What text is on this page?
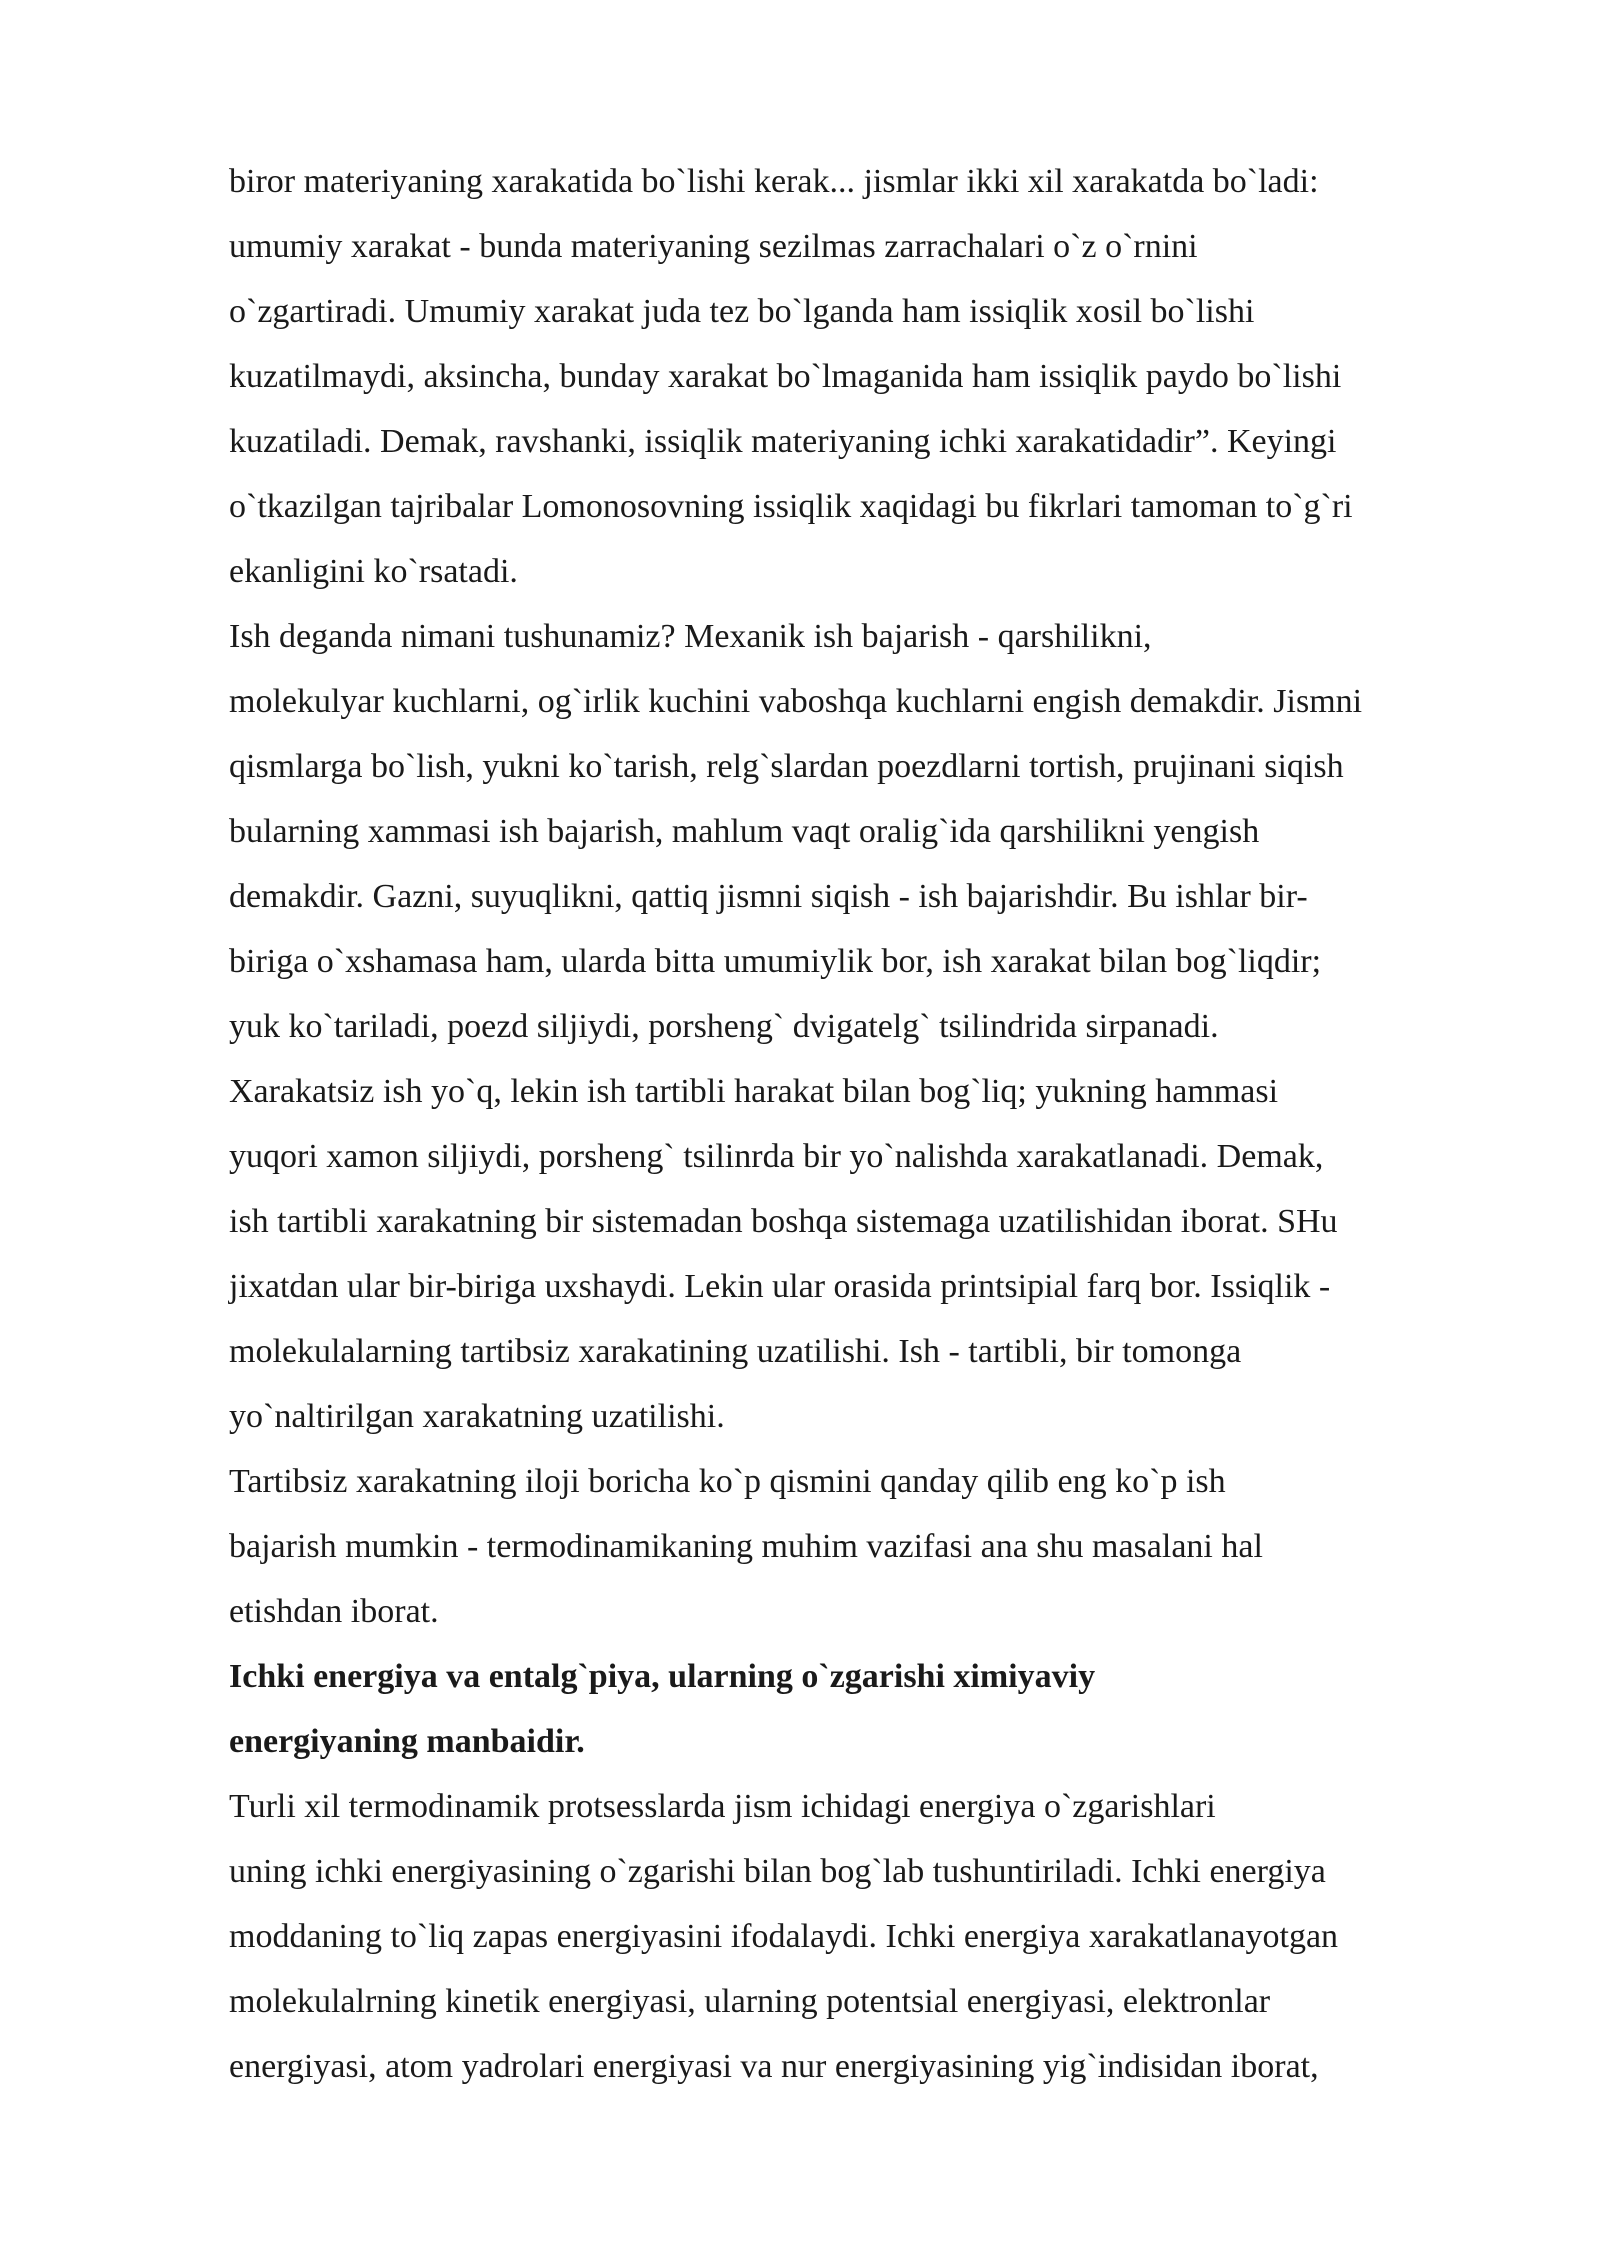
biror materiyaning xarakatida bo`lishi kerak... jismlar ikki xil xarakatda bo`ladi:
umumiy xarakat - bunda materiyaning sezilmas zarrachalari o`z o`rnini
o`zgartiradi. Umumiy xarakat juda tez bo`lganda ham issiqlik xosil bo`lishi
kuzatilmaydi, aksincha, bunday xarakat bo`lmaganida ham issiqlik paydo bo`lishi
kuzatiladi. Demak, ravshanki, issiqlik materiyaning ichki xarakatidadir”. Keyingi
o`tkazilgan tajribalar Lomonosovning issiqlik xaqidagi bu fikrlari tamoman to`g`ri
ekanligini ko`rsatadi.
Ish deganda nimani tushunamiz? Mexanik ish bajarish - qarshilikni,
molekulyar kuchlarni, og`irlik kuchini vaboshqa kuchlarni engish demakdir. Jismni
qismlarga bo`lish, yukni ko`tarish, relg`slardan poezdlarni tortish, prujinani siqish
bularning xammasi ish bajarish, mahlum vaqt oralig`ida qarshilikni yengish
demakdir. Gazni, suyuqlikni, qattiq jismni siqish - ish bajarishdir. Bu ishlar bir-
biriga o`xshamasa ham, ularda bitta umumiylik bor, ish xarakat bilan bog`liqdir;
yuk ko`tariladi, poezd siljiydi, porsheng` dvigatelg` tsilindrida sirpanadi.
Xarakatsiz ish yo`q, lekin ish tartibli harakat bilan bog`liq; yukning hammasi
yuqori xamon siljiydi, porsheng` tsilinrda bir yo`nalishda xarakatlanadi. Demak,
ish tartibli xarakatning bir sistemadan boshqa sistemaga uzatilishidan iborat. SHu
jixatdan ular bir-biriga uxshaydi. Lekin ular orasida printsipial farq bor. Issiqlik -
molekulalarning tartibsiz xarakatining uzatilishi. Ish - tartibli, bir tomonga
yo`naltirilgan xarakatning uzatilishi.
Tartibsiz xarakatning iloji boricha ko`p qismini qanday qilib eng ko`p ish
bajarish mumkin - termodinamikaning muhim vazifasi ana shu masalani hal
etishdan iborat.
Ichki energiya va entalg`piya, ularning o`zgarishi ximiyaviy
energiyaning manbaidir.
Turli xil termodinamik protsesslarda jism ichidagi energiya o`zgarishlari
uning ichki energiyasining o`zgarishi bilan bog`lab tushuntiriladi. Ichki energiya
moddaning to`liq zapas energiyasini ifodalaydi. Ichki energiya xarakatlanayotgan
molekulalrning kinetik energiyasi, ularning potentsial energiyasi, elektronlar
energiyasi, atom yadrolari energiyasi va nur energiyasining yig`indisidan iborat,
